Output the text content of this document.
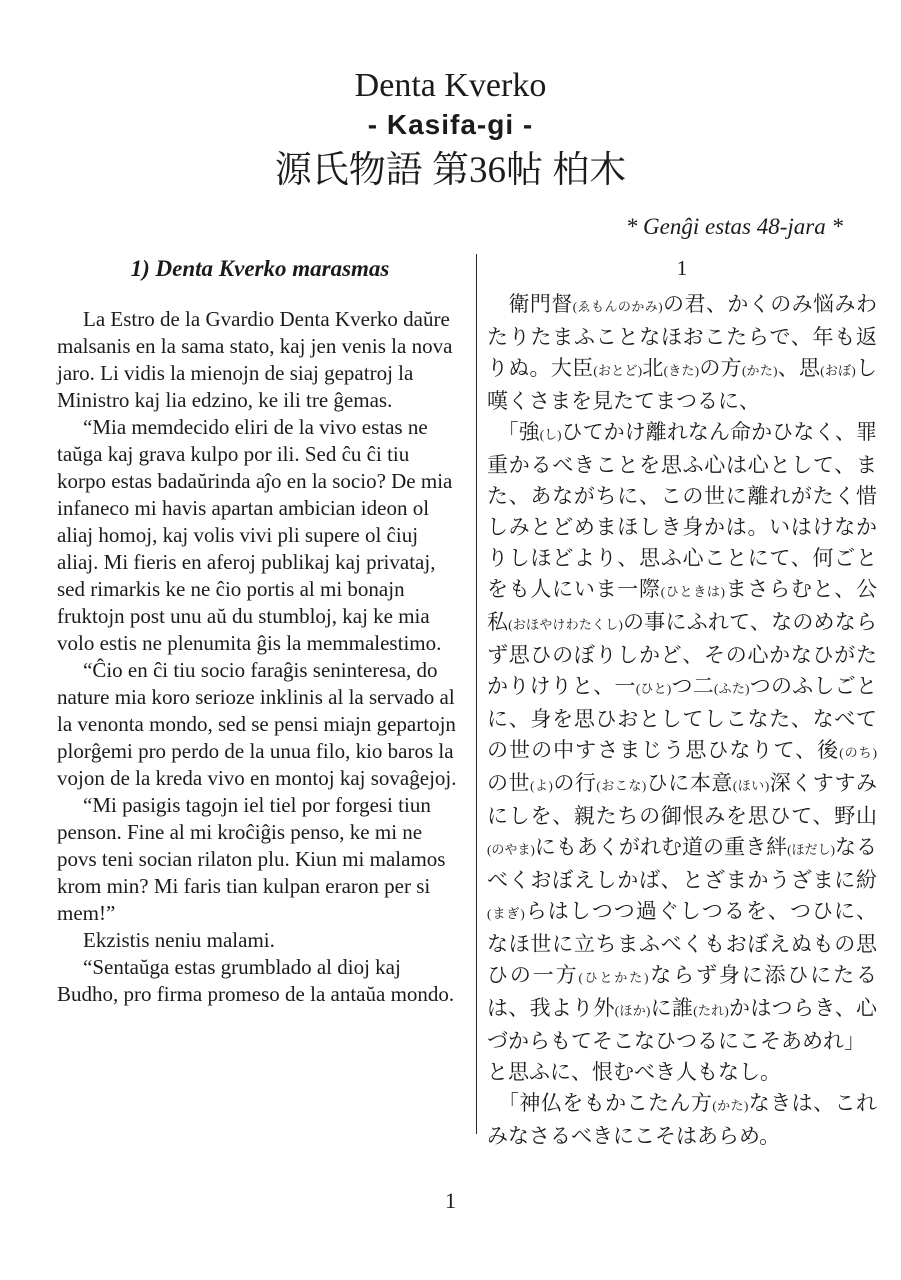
Denta Kverko
- Kasifa-gi -
源氏物語 第36帖 柏木
* Genĝi estas 48-jara *
1) Denta Kverko marasmas

La Estro de la Gvardio Denta Kverko daŭre malsanis en la sama stato, kaj jen venis la nova jaro. Li vidis la mienojn de siaj gepatroj la Ministro kaj lia edzino, ke ili tre ĝemas.

“Mia memdecido eliri de la vivo estas ne taŭga kaj grava kulpo por ili. Sed ĉu ĉi tiu korpo estas badaŭrinda aĵo en la socio? De mia infaneco mi havis apartan ambician ideon ol aliaj homoj, kaj volis vivi pli supere ol ĉiuj aliaj. Mi fieris en aferoj publikaj kaj privataj, sed rimarkis ke ne ĉio portis al mi bonajn fruktojn post unu aŭ du stumbloj, kaj ke mia volo estis ne plenumita ĝis la memmalestimo.

“Ĉio en ĉi tiu socio faraĝis seninteresa, do nature mia koro serioze inklinis al la servado al la venonta mondo, sed se pensi miajn gepartojn plorĝemi pro perdo de la unua filo, kio baros la vojon de la kreda vivo en montoj kaj sovaĝejoj.

“Mi pasigis tagojn iel tiel por forgesi tiun penson. Fine al mi kroĉiĝis penso, ke mi ne povs teni socian rilaton plu. Kiun mi malamos krom min? Mi faris tian kulpan eraron per si mem!”

Ekzistis neniu malami.

“Sentaŭga estas grumblado al dioj kaj Budho, pro firma promeso de la antaŭa mondo.

1

　衛門督(ゑもんのかみ)の君、かくのみ悩みわたりたまふことなほおこたらで、年も返りぬ。大臣(おとど)北(きた)の方(かた)、思(おぼ)し嘆くさまを見たてまつるに、

　「強(し)ひてかけ離れなん命かひなく、罪重かるべきことを思ふ心は心として、また、あながちに、この世に離れがたく惜しみとどめまほしき身かは。いはけなかりしほどより、思ふ心ことにて、何ごとをも人にいま一際(ひときは)まさらむと、公私(おほやけわたくし)の事にふれて、なのめならず思ひのぼりしかど、その心かなひがたかりけりと、一(ひと)つ二(ふた)つのふしごとに、身を思ひおとしてしこなた、なべての世の中すさまじう思ひなりて、後(のち)の世(よ)の行(おこな)ひに本意(ほい)深くすすみにしを、親たちの御恨みを思ひて、野山(のやま)にもあくがれむ道の重き絆(ほだし)なるべくおぼえしかば、とざまかうざまに紛(まぎ)らはしつつ過ぐしつるを、つひに、なほ世に立ちまふべくもおぼえぬもの思ひの一方(ひとかた)ならず身に添ひにたるは、我より外(ほか)に誰(たれ)かはつらき、心づからもてそこなひつるにこそあめれ」

と思ふに、恨むべき人もなし。

　「神仏をもかこたん方(かた)なきは、これみなさるべきにこそはあらめ。

1
